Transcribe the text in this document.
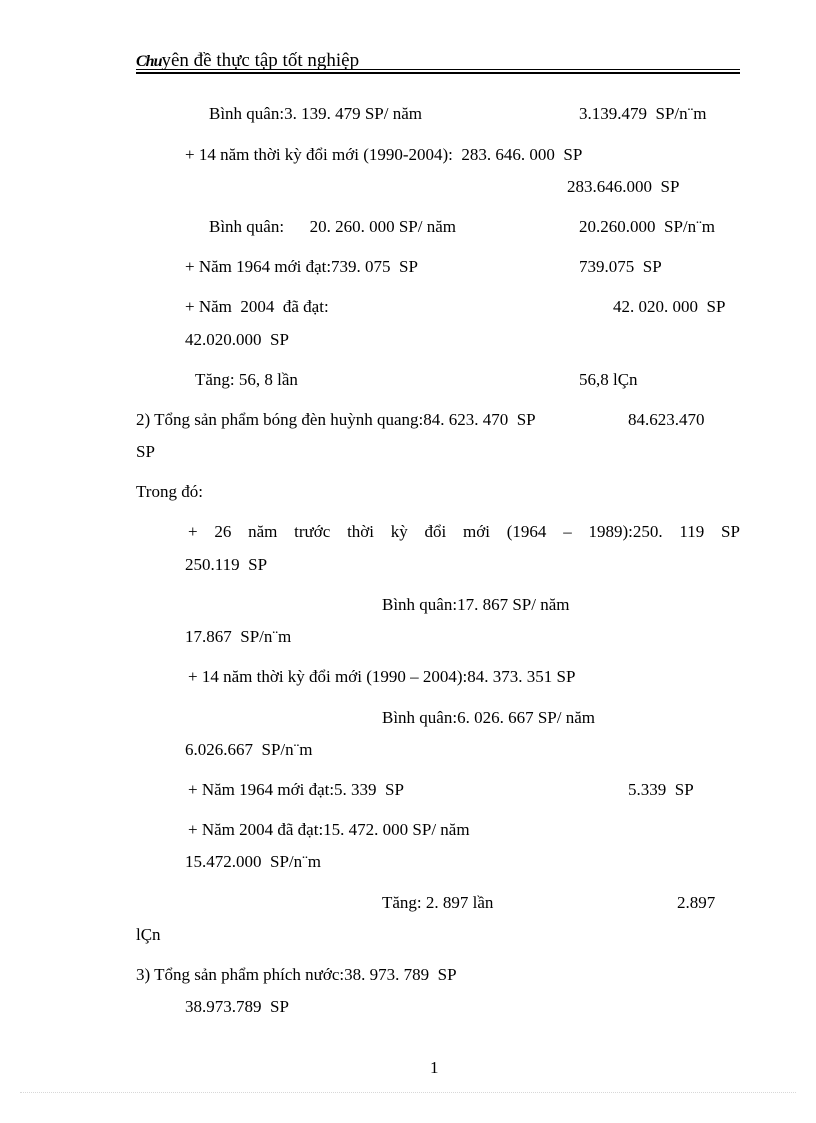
Chuyên đề thực tập tốt nghiệp
Bình quân:3. 139. 479 SP/ năm	3.139.479  SP/n¨m
+ 14 năm thời kỳ đổi mới (1990-2004):  283. 646. 000  SP
283.646.000  SP
Bình quân:      20. 260. 000 SP/ năm	20.260.000  SP/n¨m
+ Năm 1964 mới đạt:739. 075  SP	739.075  SP
+ Năm  2004  đã đạt:	42. 020. 000  SP
42.020.000  SP
Tăng: 56, 8 lần	56,8 lÇn
2) Tổng sản phẩm bóng đèn huỳnh quang:84. 623. 470  SP	84.623.470
SP
Trong đó:
+ 26 năm trước thời kỳ đổi mới (1964 – 1989):250. 119 SP
250.119  SP
Bình quân:17. 867 SP/ năm
17.867  SP/n¨m
+ 14 năm thời kỳ đổi mới (1990 – 2004):84. 373. 351 SP
Bình quân:6. 026. 667 SP/ năm
6.026.667  SP/n¨m
+ Năm 1964 mới đạt:5. 339  SP	5.339  SP
+ Năm 2004 đã đạt:15. 472. 000 SP/ năm
15.472.000  SP/n¨m
Tăng: 2. 897 lần	2.897
lÇn
3) Tổng sản phẩm phích nước:38. 973. 789  SP
38.973.789  SP
1
